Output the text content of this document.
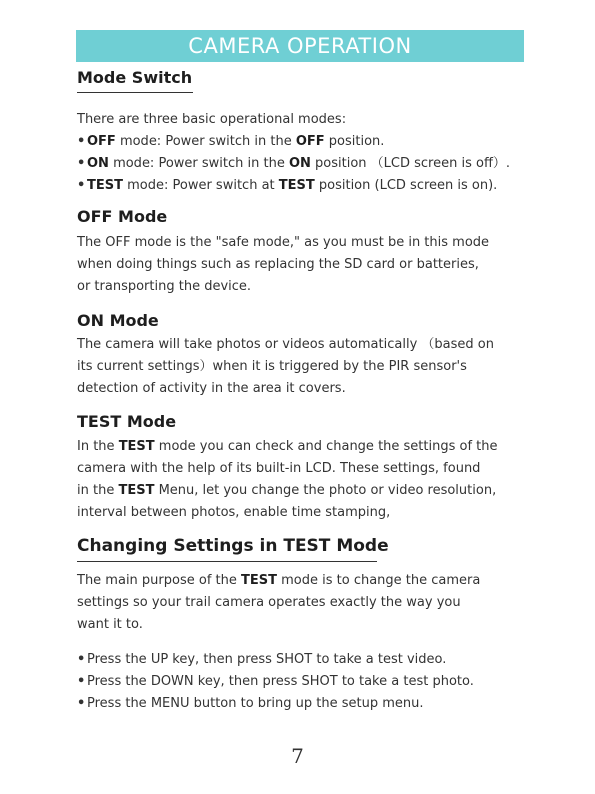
CAMERA OPERATION
Mode Switch

There are three basic operational modes:

• OFF mode: Power switch in the OFF position.
• ON mode: Power switch in the ON position （LCD screen is off）.
• TEST mode: Power switch at TEST position (LCD screen is on).
OFF Mode

The OFF mode is the "safe mode," as you must be in this mode

when doing things such as replacing the SD card or batteries,

or transporting the device.

ON Mode

The camera will take photos or videos automatically （based on

its current settings）when it is triggered by the PIR sensor's

detection of activity in the area it covers.

TEST Mode

In the TEST mode you can check and change the settings of the

camera with the help of its built-in LCD. These settings, found

in the TEST Menu, let you change the photo or video resolution,

interval between photos, enable time stamping,

Changing Settings in TEST Mode

The main purpose of the TEST mode is to change the camera

settings so your trail camera operates exactly the way you

want it to.

• Press the UP key, then press SHOT to take a test video.
• Press the DOWN key, then press SHOT to take a test photo.
• Press the MENU button to bring up the setup menu.
7
